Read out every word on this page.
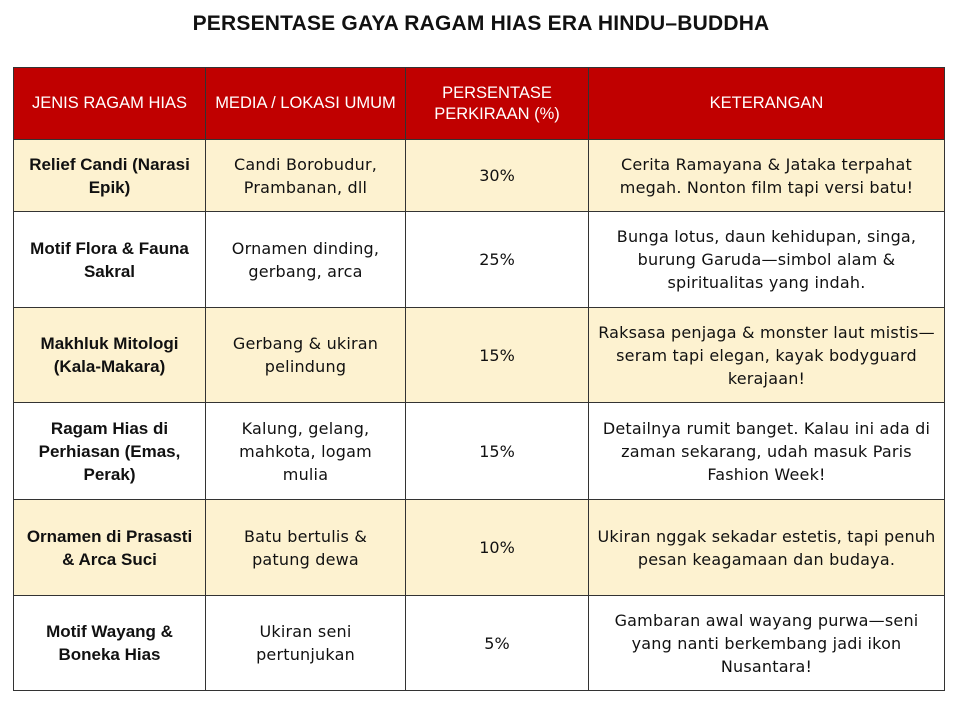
PERSENTASE GAYA RAGAM HIAS ERA HINDU–BUDDHA
JENIS RAGAM HIAS	MEDIA / LOKASI UMUM	PERSENTASE PERKIRAAN (%)	KETERANGAN
Relief Candi (Narasi Epik)	Candi Borobudur, Prambanan, dll	30%	Cerita Ramayana & Jataka terpahat megah. Nonton film tapi versi batu!
Motif Flora & Fauna Sakral	Ornamen dinding, gerbang, arca	25%	Bunga lotus, daun kehidupan, singa, burung Garuda—simbol alam & spiritualitas yang indah.
Makhluk Mitologi (Kala-Makara)	Gerbang & ukiran pelindung	15%	Raksasa penjaga & monster laut mistis—seram tapi elegan, kayak bodyguard kerajaan!
Ragam Hias di Perhiasan (Emas, Perak)	Kalung, gelang, mahkota, logam mulia	15%	Detailnya rumit banget. Kalau ini ada di zaman sekarang, udah masuk Paris Fashion Week!
Ornamen di Prasasti & Arca Suci	Batu bertulis & patung dewa	10%	Ukiran nggak sekadar estetis, tapi penuh pesan keagamaan dan budaya.
Motif Wayang & Boneka Hias	Ukiran seni pertunjukan	5%	Gambaran awal wayang purwa—seni yang nanti berkembang jadi ikon Nusantara!
